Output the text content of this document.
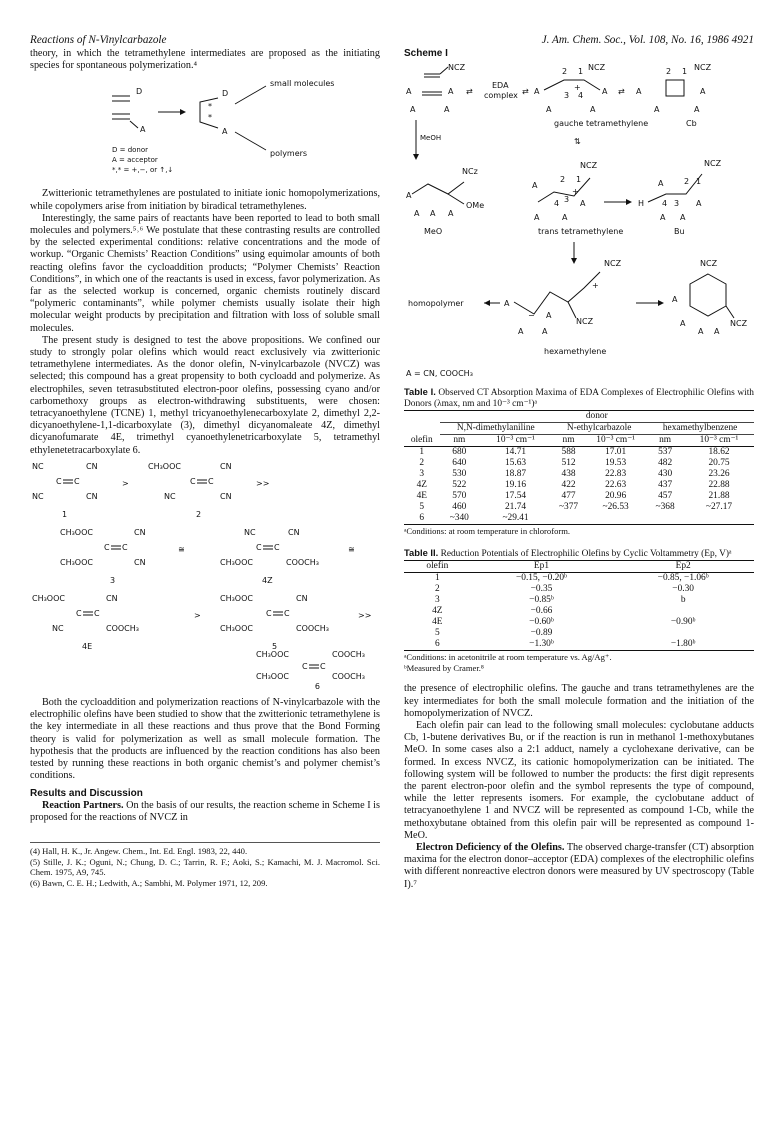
Reactions of N-Vinylcarbazole	J. Am. Chem. Soc., Vol. 108, No. 16, 1986 4921

theory, in which the tetramethylene intermediates are proposed as the initiating species for spontaneous polymerization.⁴

D
A
*
*
D
A
small molecules
polymers
D = donor
A = acceptor
*,* = +,−, or ↑,↓

Zwitterionic tetramethylenes are postulated to initiate ionic homopolymerizations, while copolymers arise from initiation by biradical tetramethylenes.

Interestingly, the same pairs of reactants have been reported to lead to both small molecules and polymers.⁵˒⁶ We postulate that these contrasting results are controlled by the selected experimental conditions: relative concentrations and the mode of workup. “Organic Chemists’ Reaction Conditions” using equimolar amounts of both reacting olefins favor the cycloaddition products; “Polymer Chemists’ Reaction Conditions”, in which one of the reactants is used in excess, favor polymerization. As far as the selected workup is concerned, organic chemists routinely discard “polymeric contaminants”, while polymer chemists usually isolate their high molecular weight products by precipitation and filtration with loss of soluble small molecules.

The present study is designed to test the above propositions. We confined our study to strongly polar olefins which would react exclusively via zwitterionic tetramethylene intermediates. As the donor olefin, N-vinylcarbazole (NVCZ) was selected; this compound has a great propensity to both cycloadd and polymerize. As electrophiles, seven tetrasubstituted electron-poor olefins, possessing cyano and/or carbomethoxy groups as electron-withdrawing substituents, were chosen: tetracyanoethylene (TCNE) 1, methyl tricyanoethylenecarboxylate 2, dimethyl 2,2-dicyanoethylene-1,1-dicarboxylate (3), dimethyl dicyanomaleate 4Z, dimethyl dicyanofumarate 4E, trimethyl cyanoethylenetricarboxylate 5, tetramethyl ethylenetetracarboxylate 6.

NC	CN
C C
NC	CN
1
>
CH₃OOC	CN
C C
NC	CN
2
>>
CH₃OOC	CN
C C
CH₃OOC	CN
3
≅
NC	CN
C C
CH₃OOC	COOCH₃
4Z
≅
CH₃OOC	CN
C C
NC	COOCH₃
4E
>
CH₃OOC	CN
C C
CH₃OOC	COOCH₃
5
>>
CH₃OOC	COOCH₃
C C
CH₃OOC	COOCH₃
6

Both the cycloaddition and polymerization reactions of N-vinylcarbazole with the electrophilic olefins have been studied to show that the zwitterionic tetramethylene is the key intermediate in all these reactions and thus prove that the Bond Forming theory is valid for polymerization as well as small molecule formation. The hypothesis that the products are influenced by the reaction conditions has also been tested by running these reactions in both organic chemist’s and polymer chemist’s conditions.

Results and Discussion

Reaction Partners. On the basis of our results, the reaction scheme in Scheme I is proposed for the reactions of NVCZ in

(4) Hall, H. K., Jr. Angew. Chem., Int. Ed. Engl. 1983, 22, 440.

(5) Stille, J. K.; Oguni, N.; Chung, D. C.; Tarrin, R. F.; Aoki, S.; Kamachi, M. J. Macromol. Sci. Chem. 1975, A9, 745.

(6) Bawn, C. E. H.; Ledwith, A.; Sambhi, M. Polymer 1971, 12, 209.

Scheme I
NCZ
A	A
A	A
⇄
EDA
complex ⇄ A
2 1 NCZ
+
3 4 A
A	A
gauche tetramethylene
⇄ A
2 1 NCZ
A
A	A
Cb
MeOH	⇅
NCz
OMe
A
A	A
A
MeO
NCZ
2 1
+
4 3
A
A
A	A
trans tetramethylene
NCZ
H
2 1
4 3
A
A
A A
Bu
homopolymer	A
−
+
NCZ
A
NCZ
A A
hexamethylene
NCZ
NCZ
A
A
A A
A = CN, COOCH₃
Table I. Observed CT Absorption Maxima of EDA Complexes of Electrophilic Olefins with Donors (λmax, nm and 10⁻³ cm⁻¹)ᵃ
	donor					
	N,N-dimethylaniline		N-ethylcarbazole		hexamethylbenzene	
olefin	nm	10⁻³ cm⁻¹	nm	10⁻³ cm⁻¹	nm	10⁻³ cm⁻¹
1	680	14.71	588	17.01	537	18.62
2	640	15.63	512	19.53	482	20.75
3	530	18.87	438	22.83	430	23.26
4Z	522	19.16	422	22.63	437	22.88
4E	570	17.54	477	20.96	457	21.88
5	460	21.74	~377	~26.53	~368	~27.17
6	~340	~29.41				
ᵃConditions: at room temperature in chloroform.
Table II. Reduction Potentials of Electrophilic Olefins by Cyclic Voltammetry (Ep, V)ᵃ
olefin	Ep1	Ep2
1	−0.15, −0.20ᵇ	−0.85, −1.06ᵇ
2	−0.35	−0.30
3	−0.85ᵇ	b
4Z	−0.66	
4E	−0.60ᵇ	−0.90ᵇ
5	−0.89	
6	−1.30ᵇ	−1.80ᵇ
ᵃConditions: in acetonitrile at room temperature vs. Ag/Ag⁺.
ᵇMeasured by Cramer.⁸

the presence of electrophilic olefins. The gauche and trans tetramethylenes are the key intermediates for both the small molecule formation and the initiation of the homopolymerization of NVCZ.

Each olefin pair can lead to the following small molecules: cyclobutane adducts Cb, 1-butene derivatives Bu, or if the reaction is run in methanol 1-methoxybutanes MeO. In some cases also a 2:1 adduct, namely a cyclohexane derivative, can be formed. In excess NVCZ, its cationic homopolymerization can be initiated. The following system will be followed to number the products: the first digit represents the parent electron-poor olefin and the symbol represents the type of compound, while the letter represents isomers. For example, the cyclobutane adduct of tetracyanoethylene 1 and NVCZ will be represented as compound 1-Cb, while the methoxybutane obtained from this olefin pair will be represented as compound 1-MeO.

Electron Deficiency of the Olefins. The observed charge-transfer (CT) absorption maxima for the electron donor–acceptor (EDA) complexes of the electrophilic olefins with different nonreactive electron donors were measured by UV spectroscopy (Table I).⁷
